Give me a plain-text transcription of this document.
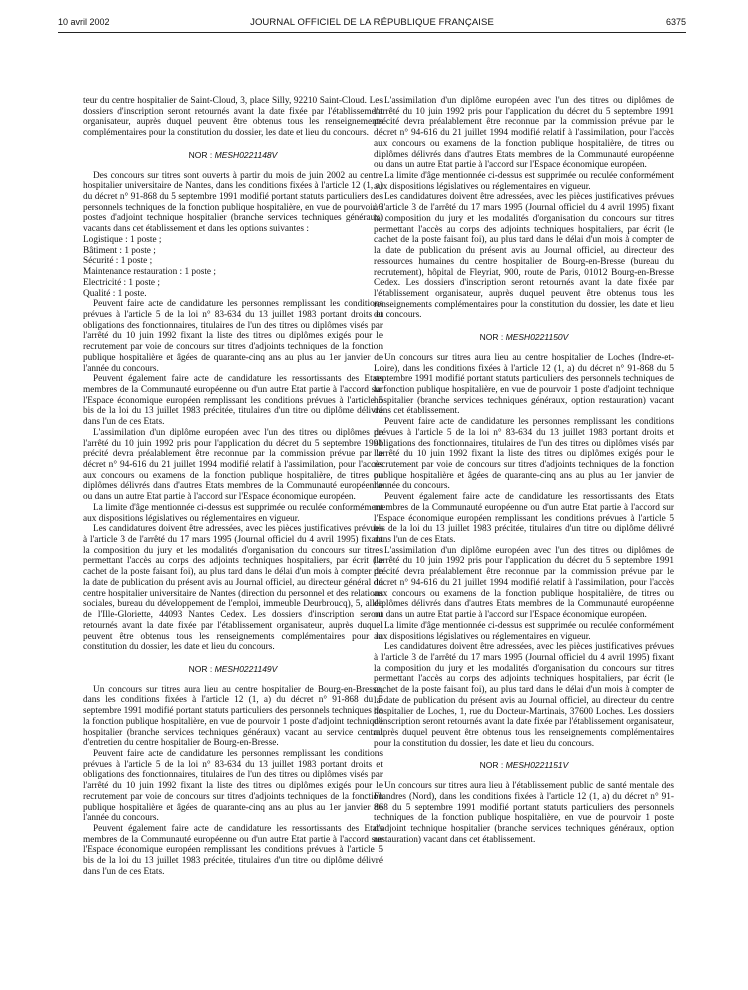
10 avril 2002	JOURNAL OFFICIEL DE LA RÉPUBLIQUE FRANÇAISE	6375

teur du centre hospitalier de Saint-Cloud, 3, place Silly, 92210 Saint-Cloud. Les dossiers d'inscription seront retournés avant la date fixée par l'établissement organisateur, auprès duquel peuvent être obtenus tous les renseignements complémentaires pour la constitution du dossier, les date et lieu du concours.

NOR : MESH0221148V

Des concours sur titres sont ouverts à partir du mois de juin 2002 au centre hospitalier universitaire de Nantes, dans les conditions fixées à l'article 12 (1, a) du décret n° 91-868 du 5 septembre 1991 modifié portant statuts particuliers des personnels techniques de la fonction publique hospitalière, en vue de pourvoir 6 postes d'adjoint technique hospitalier (branche services techniques généraux) vacants dans cet établissement et dans les options suivantes :

Logistique : 1 poste ;

Bâtiment : 1 poste ;

Sécurité : 1 poste ;

Maintenance restauration : 1 poste ;

Electricité : 1 poste ;

Qualité : 1 poste.

Peuvent faire acte de candidature les personnes remplissant les conditions prévues à l'article 5 de la loi n° 83-634 du 13 juillet 1983 portant droits et obligations des fonctionnaires, titulaires de l'un des titres ou diplômes visés par l'arrêté du 10 juin 1992 fixant la liste des titres ou diplômes exigés pour le recrutement par voie de concours sur titres d'adjoints techniques de la fonction publique hospitalière et âgées de quarante-cinq ans au plus au 1er janvier de l'année du concours.

Peuvent également faire acte de candidature les ressortissants des Etats membres de la Communauté européenne ou d'un autre Etat partie à l'accord sur l'Espace économique européen remplissant les conditions prévues à l'article 5 bis de la loi du 13 juillet 1983 précitée, titulaires d'un titre ou diplôme délivré dans l'un de ces Etats.

L'assimilation d'un diplôme européen avec l'un des titres ou diplômes de l'arrêté du 10 juin 1992 pris pour l'application du décret du 5 septembre 1991 précité devra préalablement être reconnue par la commission prévue par le décret n° 94-616 du 21 juillet 1994 modifié relatif à l'assimilation, pour l'accès aux concours ou examens de la fonction publique hospitalière, de titres ou diplômes délivrés dans d'autres Etats membres de la Communauté européenne ou dans un autre Etat partie à l'accord sur l'Espace économique européen.

La limite d'âge mentionnée ci-dessus est supprimée ou reculée conformément aux dispositions législatives ou réglementaires en vigueur.

Les candidatures doivent être adressées, avec les pièces justificatives prévues à l'article 3 de l'arrêté du 17 mars 1995 (Journal officiel du 4 avril 1995) fixant la composition du jury et les modalités d'organisation du concours sur titres permettant l'accès au corps des adjoints techniques hospitaliers, par écrit (le cachet de la poste faisant foi), au plus tard dans le délai d'un mois à compter de la date de publication du présent avis au Journal officiel, au directeur général du centre hospitalier universitaire de Nantes (direction du personnel et des relations sociales, bureau du développement de l'emploi, immeuble Deurbroucq), 5, allée de l'Ille-Gloriette, 44093 Nantes Cedex. Les dossiers d'inscription seront retournés avant la date fixée par l'établissement organisateur, auprès duquel peuvent être obtenus tous les renseignements complémentaires pour la constitution du dossier, les date et lieu du concours.

NOR : MESH0221149V

Un concours sur titres aura lieu au centre hospitalier de Bourg-en-Bresse, dans les conditions fixées à l'article 12 (1, a) du décret n° 91-868 du 5 septembre 1991 modifié portant statuts particuliers des personnels techniques de la fonction publique hospitalière, en vue de pourvoir 1 poste d'adjoint technique hospitalier (branche services techniques généraux) vacant au service central d'entretien du centre hospitalier de Bourg-en-Bresse.

Peuvent faire acte de candidature les personnes remplissant les conditions prévues à l'article 5 de la loi n° 83-634 du 13 juillet 1983 portant droits et obligations des fonctionnaires, titulaires de l'un des titres ou diplômes visés par l'arrêté du 10 juin 1992 fixant la liste des titres ou diplômes exigés pour le recrutement par voie de concours sur titres d'adjoints techniques de la fonction publique hospitalière et âgées de quarante-cinq ans au plus au 1er janvier de l'année du concours.

Peuvent également faire acte de candidature les ressortissants des Etats membres de la Communauté européenne ou d'un autre Etat partie à l'accord sur l'Espace économique européen remplissant les conditions prévues à l'article 5 bis de la loi du 13 juillet 1983 précitée, titulaires d'un titre ou diplôme délivré dans l'un de ces Etats.

L'assimilation d'un diplôme européen avec l'un des titres ou diplômes de l'arrêté du 10 juin 1992 pris pour l'application du décret du 5 septembre 1991 précité devra préalablement être reconnue par la commission prévue par le décret n° 94-616 du 21 juillet 1994 modifié relatif à l'assimilation, pour l'accès aux concours ou examens de la fonction publique hospitalière, de titres ou diplômes délivrés dans d'autres Etats membres de la Communauté européenne ou dans un autre Etat partie à l'accord sur l'Espace économique européen.

La limite d'âge mentionnée ci-dessus est supprimée ou reculée conformément aux dispositions législatives ou réglementaires en vigueur.

Les candidatures doivent être adressées, avec les pièces justificatives prévues à l'article 3 de l'arrêté du 17 mars 1995 (Journal officiel du 4 avril 1995) fixant la composition du jury et les modalités d'organisation du concours sur titres permettant l'accès au corps des adjoints techniques hospitaliers, par écrit (le cachet de la poste faisant foi), au plus tard dans le délai d'un mois à compter de la date de publication du présent avis au Journal officiel, au directeur des ressources humaines du centre hospitalier de Bourg-en-Bresse (bureau du recrutement), hôpital de Fleyriat, 900, route de Paris, 01012 Bourg-en-Bresse Cedex. Les dossiers d'inscription seront retournés avant la date fixée par l'établissement organisateur, auprès duquel peuvent être obtenus tous les renseignements complémentaires pour la constitution du dossier, les date et lieu du concours.

NOR : MESH0221150V

Un concours sur titres aura lieu au centre hospitalier de Loches (Indre-et-Loire), dans les conditions fixées à l'article 12 (1, a) du décret n° 91-868 du 5 septembre 1991 modifié portant statuts particuliers des personnels techniques de la fonction publique hospitalière, en vue de pourvoir 1 poste d'adjoint technique hospitalier (branche services techniques généraux, option restauration) vacant dans cet établissement.

Peuvent faire acte de candidature les personnes remplissant les conditions prévues à l'article 5 de la loi n° 83-634 du 13 juillet 1983 portant droits et obligations des fonctionnaires, titulaires de l'un des titres ou diplômes visés par l'arrêté du 10 juin 1992 fixant la liste des titres ou diplômes exigés pour le recrutement par voie de concours sur titres d'adjoints techniques de la fonction publique hospitalière et âgées de quarante-cinq ans au plus au 1er janvier de l'année du concours.

Peuvent également faire acte de candidature les ressortissants des Etats membres de la Communauté européenne ou d'un autre Etat partie à l'accord sur l'Espace économique européen remplissant les conditions prévues à l'article 5 bis de la loi du 13 juillet 1983 précitée, titulaires d'un titre ou diplôme délivré dans l'un de ces Etats.

L'assimilation d'un diplôme européen avec l'un des titres ou diplômes de l'arrêté du 10 juin 1992 pris pour l'application du décret du 5 septembre 1991 précité devra préalablement être reconnue par la commission prévue par le décret n° 94-616 du 21 juillet 1994 modifié relatif à l'assimilation, pour l'accès aux concours ou examens de la fonction publique hospitalière, de titres ou diplômes délivrés dans d'autres Etats membres de la Communauté européenne ou dans un autre Etat partie à l'accord sur l'Espace économique européen.

La limite d'âge mentionnée ci-dessus est supprimée ou reculée conformément aux dispositions législatives ou réglementaires en vigueur.

Les candidatures doivent être adressées, avec les pièces justificatives prévues à l'article 3 de l'arrêté du 17 mars 1995 (Journal officiel du 4 avril 1995) fixant la composition du jury et les modalités d'organisation du concours sur titres permettant l'accès au corps des adjoints techniques hospitaliers, par écrit (le cachet de la poste faisant foi), au plus tard dans le délai d'un mois à compter de la date de publication du présent avis au Journal officiel, au directeur du centre hospitalier de Loches, 1, rue du Docteur-Martinais, 37600 Loches. Les dossiers d'inscription seront retournés avant la date fixée par l'établissement organisateur, auprès duquel peuvent être obtenus tous les renseignements complémentaires pour la constitution du dossier, les date et lieu du concours.

NOR : MESH0221151V

Un concours sur titres aura lieu à l'établissement public de santé mentale des Flandres (Nord), dans les conditions fixées à l'article 12 (1, a) du décret n° 91-868 du 5 septembre 1991 modifié portant statuts particuliers des personnels techniques de la fonction publique hospitalière, en vue de pourvoir 1 poste d'adjoint technique hospitalier (branche services techniques généraux, option restauration) vacant dans cet établissement.
